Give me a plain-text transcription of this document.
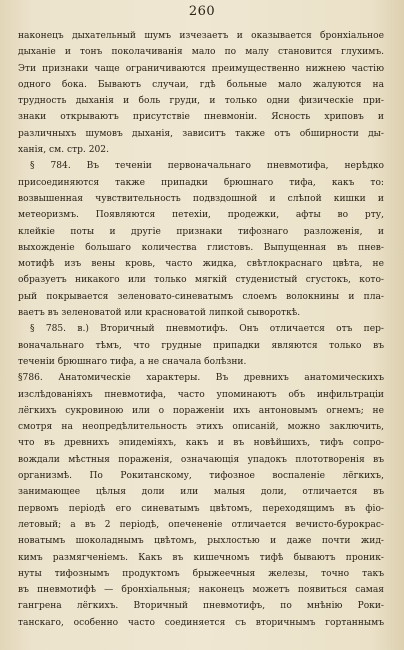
260
наконецъ дыхательный шумъ изчезаетъ и оказывается бронхіальное
дыханіе и тонъ поколачиванія мало по малу становится глухимъ.
Эти признаки чаще ограничиваются преимущественно нижнею частію
одного бока. Бываютъ случаи, гдѣ больные мало жалуются на
трудность дыханія и боль груди, и только одни физическіе при-
знаки открываютъ присутствіе пневмоніи. Ясность хриповъ и
различныхъ шумовъ дыханія, зависитъ также отъ обширности ды-
ханія, см. стр. 202.
§ 784. Въ теченіи первоначальнаго пневмотифа, нерѣдко
присоединяются также припадки брюшнаго тифа, какъ то:
возвышенная чувствительность подвздошной и слѣпой кишки и
метеоризмъ. Появляются петехіи, продежки, афты во рту,
клейкіе поты и другіе признаки тифознаго разложенія, и
выхожденіе большаго количества глистовъ. Выпущенная въ пнев-
мотифѣ изъ вены кровь, часто жидка, свѣтлокраснаго цвѣта, не
образуетъ никакого или только мягкій студенистый сгустокъ, кото-
рый покрывается зеленовато-синеватымъ слоемъ волокнины и пла-
ваетъ въ зеленоватой или красноватой липкой сывороткѣ.
§ 785. в.) Вторичный пневмотифъ. Онъ отличается отъ пер-
воначальнаго тѣмъ, что грудные припадки являются только въ
теченіи брюшнаго тифа, а не сначала болѣзни.
§786. Анатомическіе характеры. Въ древнихъ анатомическихъ
изслѣдованіяхъ пневмотифа, часто упоминаютъ объ инфильтраціи
лёгкихъ сукровиною или о пораженіи ихъ антоновымъ огнемъ; не
смотря на неопредѣлительность этихъ описаній, можно заключить,
что въ древнихъ эпидеміяхъ, какъ и въ новѣйшихъ, тифъ сопро-
вождали мѣстныя пораженія, означающія упадокъ плототворенія въ
организмѣ. По Рокитанскому, тифозное воспаленіе лёгкихъ,
занимающее цѣлыя доли или малыя доли, отличается въ
первомъ періодѣ его синеватымъ цвѣтомъ, переходящимъ въ фіо-
летовый; а въ 2 періодѣ, опечененіе отличается вечисто-бурокрас-
новатымъ шоколаднымъ цвѣтомъ, рыхлостью и даже почти жид-
кимъ размягченіемъ. Какъ въ кишечномъ тифѣ бываютъ проник-
нуты тифознымъ продуктомъ брыжеечныя железы, точно такъ
въ пневмотифѣ — бронхіальныя; наконецъ можетъ появиться самая
гангрена лёгкихъ. Вторичный пневмотифъ, по мнѣнію Роки-
танскаго, особенно часто соединяется съ вторичнымъ гортаннымъ
